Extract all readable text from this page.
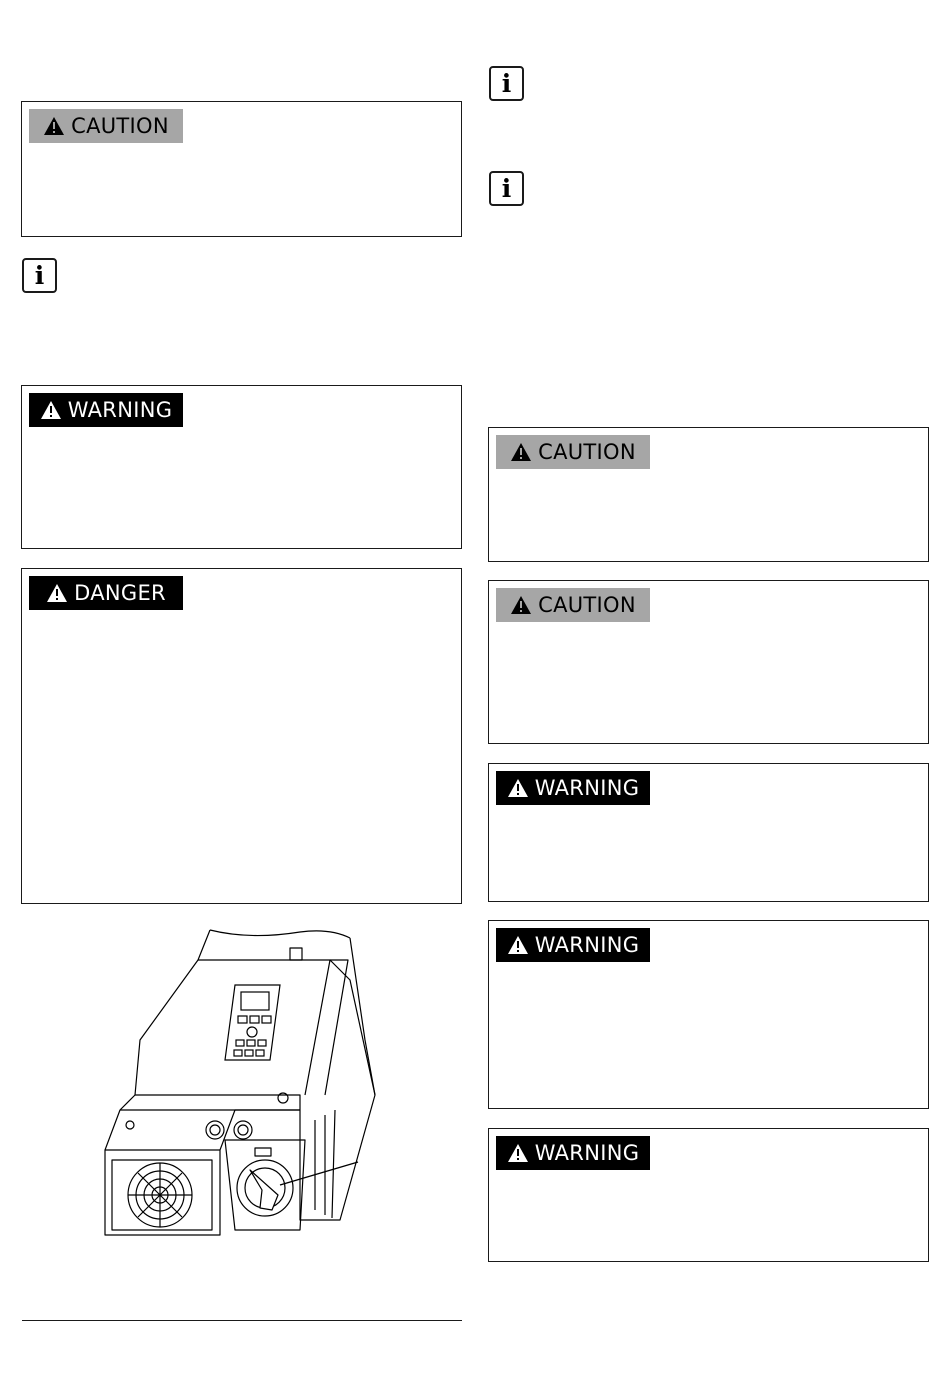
CAUTION
i
WARNING
DANGER
i
i
CAUTION
CAUTION
WARNING
WARNING
WARNING
